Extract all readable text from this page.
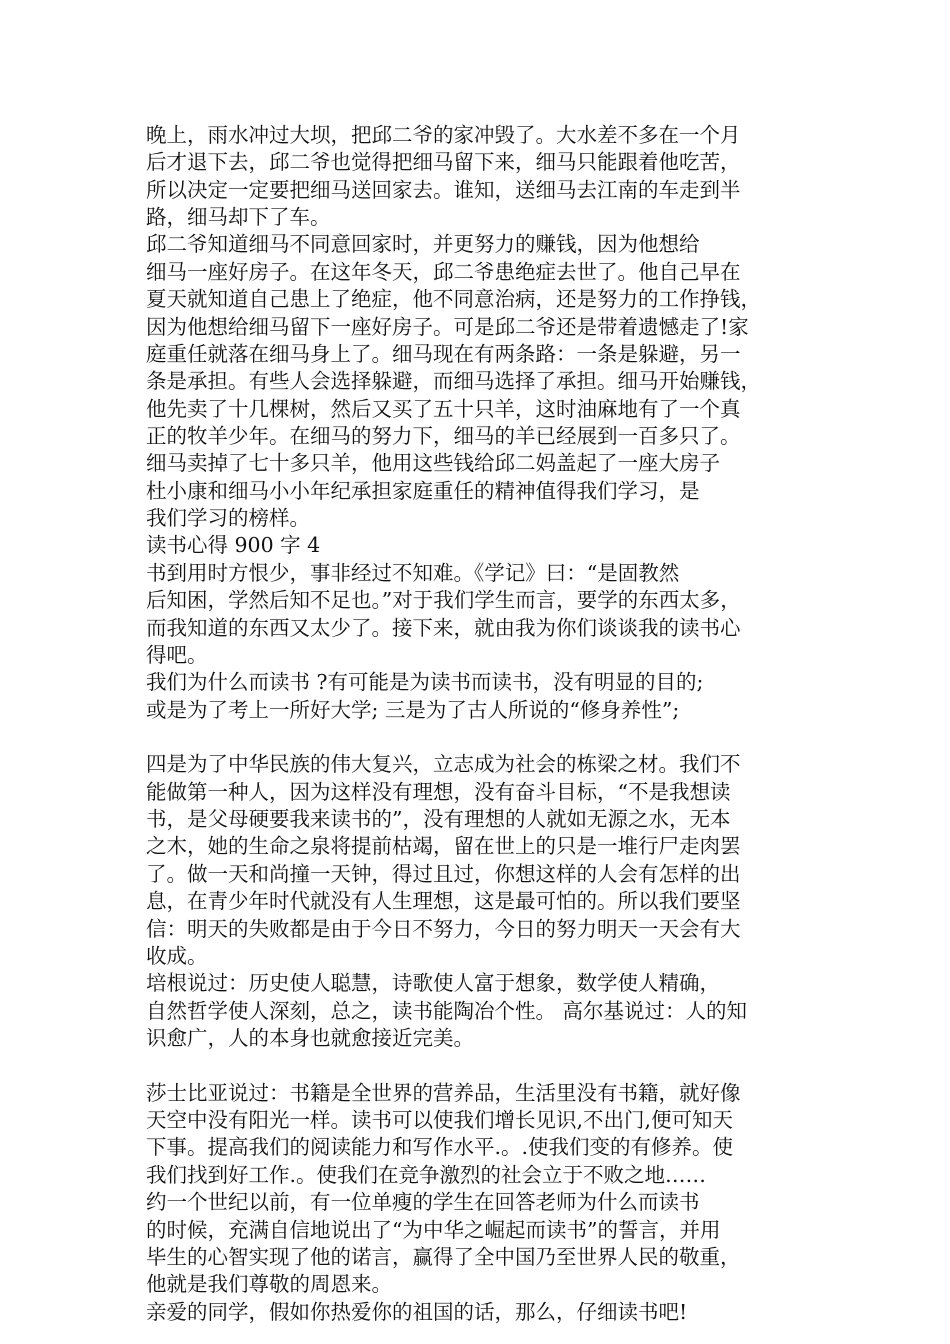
晚上，雨水冲过大坝，把邱二爷的家冲毁了。大水差不多在一个月
后才退下去，邱二爷也觉得把细马留下来，细马只能跟着他吃苦，
所以决定一定要把细马送回家去。谁知，送细马去江南的车走到半
路，细马却下了车。
邱二爷知道细马不同意回家时，并更努力的赚钱，因为他想给
细马一座好房子。在这年冬天，邱二爷患绝症去世了。他自己早在
夏天就知道自己患上了绝症，他不同意治病，还是努力的工作挣钱，
因为他想给细马留下一座好房子。可是邱二爷还是带着遗憾走了!家
庭重任就落在细马身上了。细马现在有两条路：一条是躲避，另一
条是承担。有些人会选择躲避，而细马选择了承担。细马开始赚钱，
他先卖了十几棵树，然后又买了五十只羊，这时油麻地有了一个真
正的牧羊少年。在细马的努力下，细马的羊已经展到一百多只了。
细马卖掉了七十多只羊，他用这些钱给邱二妈盖起了一座大房子
杜小康和细马小小年纪承担家庭重任的精神值得我们学习，是
我们学习的榜样。
读书心得 900 字 4
书到用时方恨少，事非经过不知难。《学记》曰：“是固教然
后知困，学然后知不足也。”对于我们学生而言，要学的东西太多，
而我知道的东西又太少了。接下来，就由我为你们谈谈我的读书心
得吧。
我们为什么而读书 ?有可能是为读书而读书，没有明显的目的;
或是为了考上一所好大学; 三是为了古人所说的“修身养性”;
四是为了中华民族的伟大复兴，立志成为社会的栋梁之材。我们不
能做第一种人，因为这样没有理想，没有奋斗目标，“不是我想读
书，是父母硬要我来读书的”，没有理想的人就如无源之水，无本
之木，她的生命之泉将提前枯竭，留在世上的只是一堆行尸走肉罢
了。做一天和尚撞一天钟，得过且过，你想这样的人会有怎样的出
息，在青少年时代就没有人生理想，这是最可怕的。所以我们要坚
信：明天的失败都是由于今日不努力，今日的努力明天一天会有大
收成。
培根说过：历史使人聪慧，诗歌使人富于想象，数学使人精确，
自然哲学使人深刻，总之，读书能陶冶个性。 高尔基说过：人的知
识愈广，人的本身也就愈接近完美。
莎士比亚说过：书籍是全世界的营养品，生活里没有书籍，就好像
天空中没有阳光一样。读书可以使我们增长见识,不出门,便可知天
下事。提高我们的阅读能力和写作水平.。.使我们变的有修养。使
我们找到好工作.。使我们在竞争激烈的社会立于不败之地……
约一个世纪以前，有一位单瘦的学生在回答老师为什么而读书
的时候，充满自信地说出了“为中华之崛起而读书”的誓言，并用
毕生的心智实现了他的诺言，赢得了全中国乃至世界人民的敬重，
他就是我们尊敬的周恩来。
亲爱的同学，假如你热爱你的祖国的话，那么，仔细读书吧!
